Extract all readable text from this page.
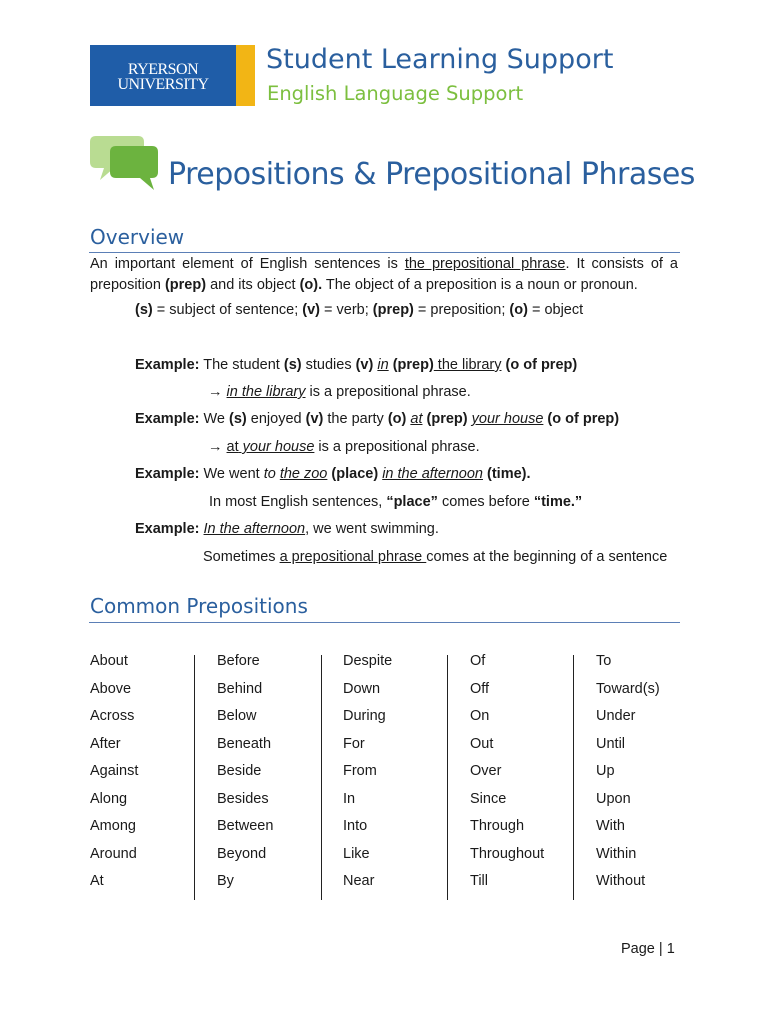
RYERSON
UNIVERSITY
Student Learning Support
English Language Support
Prepositions & Prepositional Phrases
Overview
An important element of English sentences is the prepositional phrase. It consists of a preposition (prep) and its object (o). The object of a preposition is a noun or pronoun.
(s) = subject of sentence; (v) = verb; (prep) = preposition; (o) = object
Example: The student (s) studies (v) in (prep) the library (o of prep)
→ in the library is a prepositional phrase.
Example: We (s) enjoyed (v) the party (o) at (prep) your house (o of prep)
→ at your house is a prepositional phrase.
Example: We went to the zoo (place) in the afternoon (time).
In most English sentences, “place” comes before “time.”
Example: In the afternoon, we went swimming.
Sometimes a prepositional phrase comes at the beginning of a sentence
Common Prepositions
About
Above
Across
After
Against
Along
Among
Around
At
Before
Behind
Below
Beneath
Beside
Besides
Between
Beyond
By
Despite
Down
During
For
From
In
Into
Like
Near
Of
Off
On
Out
Over
Since
Through
Throughout
Till
To
Toward(s)
Under
Until
Up
Upon
With
Within
Without
Page | 1
